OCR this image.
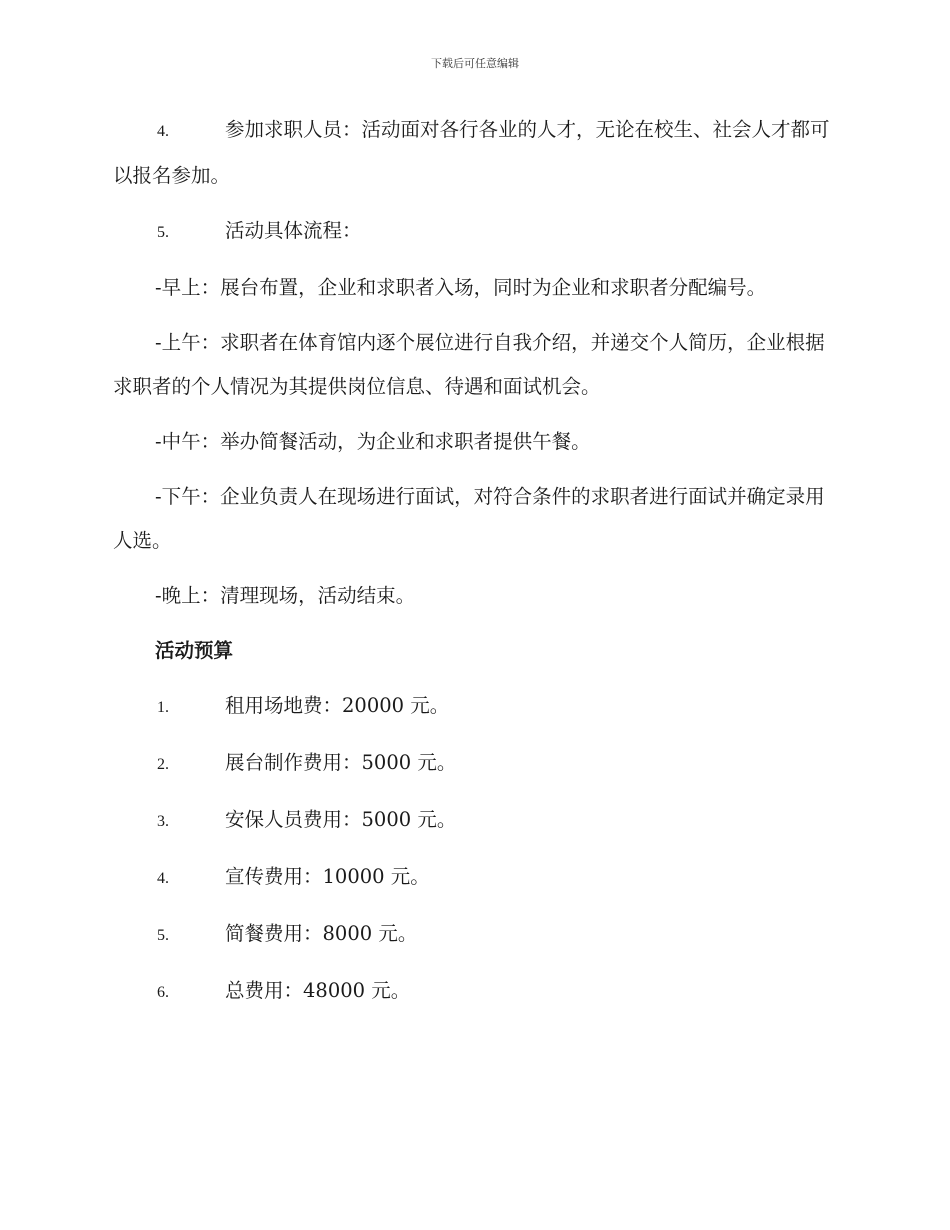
下载后可任意编辑
4.	参加求职人员：活动面对各行各业的人才，无论在校生、社会人才都可以报名参加。
5.	活动具体流程：
-早上：展台布置，企业和求职者入场，同时为企业和求职者分配编号。
-上午：求职者在体育馆内逐个展位进行自我介绍，并递交个人简历，企业根据求职者的个人情况为其提供岗位信息、待遇和面试机会。
-中午：举办简餐活动，为企业和求职者提供午餐。
-下午：企业负责人在现场进行面试，对符合条件的求职者进行面试并确定录用人选。
-晚上：清理现场，活动结束。
活动预算
1.	租用场地费：20000 元。
2.	展台制作费用：5000 元。
3.	安保人员费用：5000 元。
4.	宣传费用：10000 元。
5.	简餐费用：8000 元。
6.	总费用：48000 元。
